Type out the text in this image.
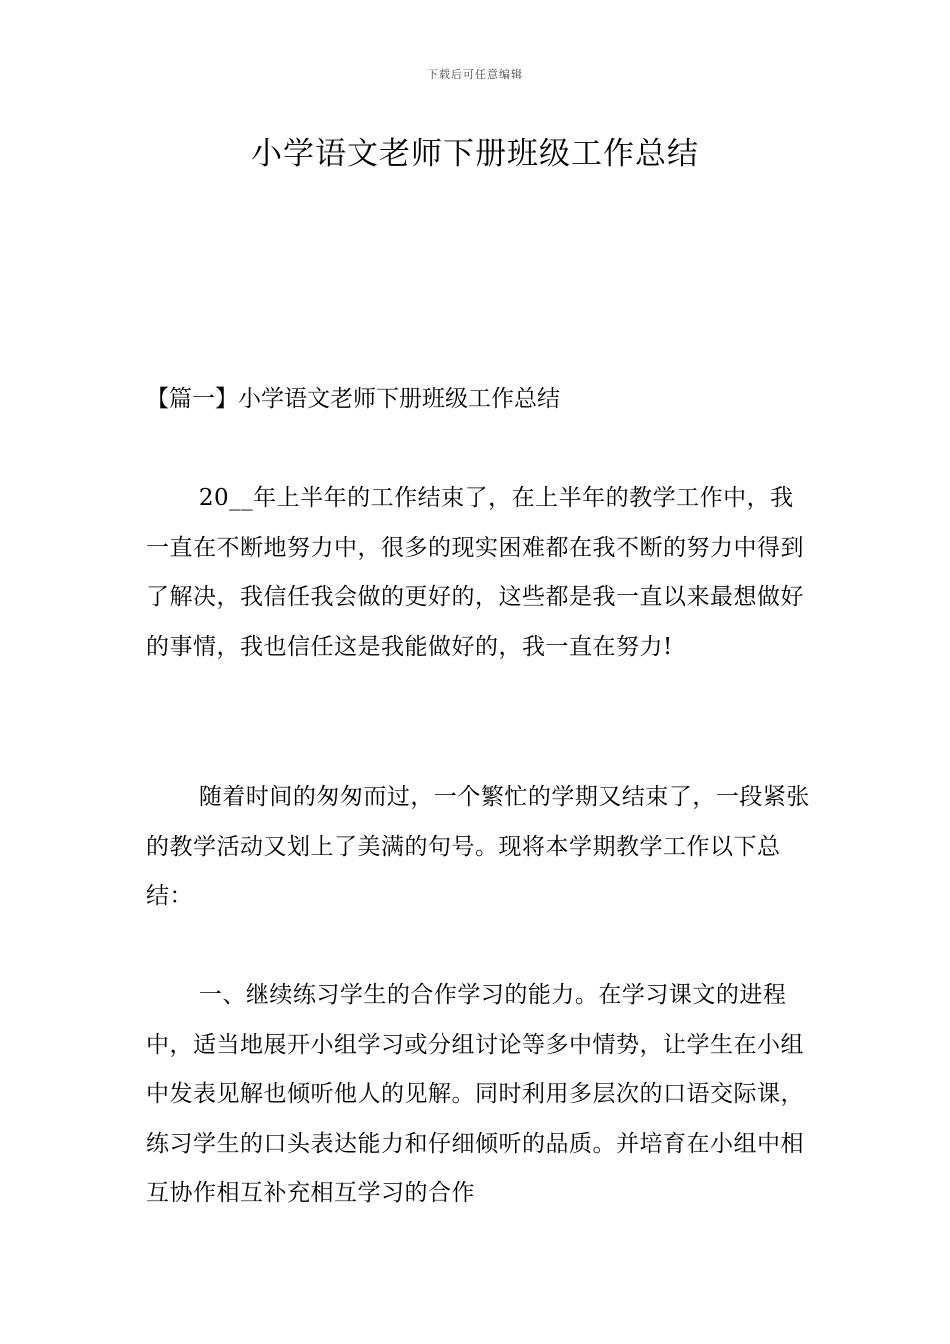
下载后可任意编辑
小学语文老师下册班级工作总结
【篇一】小学语文老师下册班级工作总结

20__年上半年的工作结束了，在上半年的教学工作中，我一直在不断地努力中，很多的现实困难都在我不断的努力中得到了解决，我信任我会做的更好的，这些都是我一直以来最想做好的事情，我也信任这是我能做好的，我一直在努力!

随着时间的匆匆而过，一个繁忙的学期又结束了，一段紧张的教学活动又划上了美满的句号。现将本学期教学工作以下总结：

一、继续练习学生的合作学习的能力。在学习课文的进程中，适当地展开小组学习或分组讨论等多中情势，让学生在小组中发表见解也倾听他人的见解。同时利用多层次的口语交际课，练习学生的口头表达能力和仔细倾听的品质。并培育在小组中相互协作相互补充相互学习的合作
